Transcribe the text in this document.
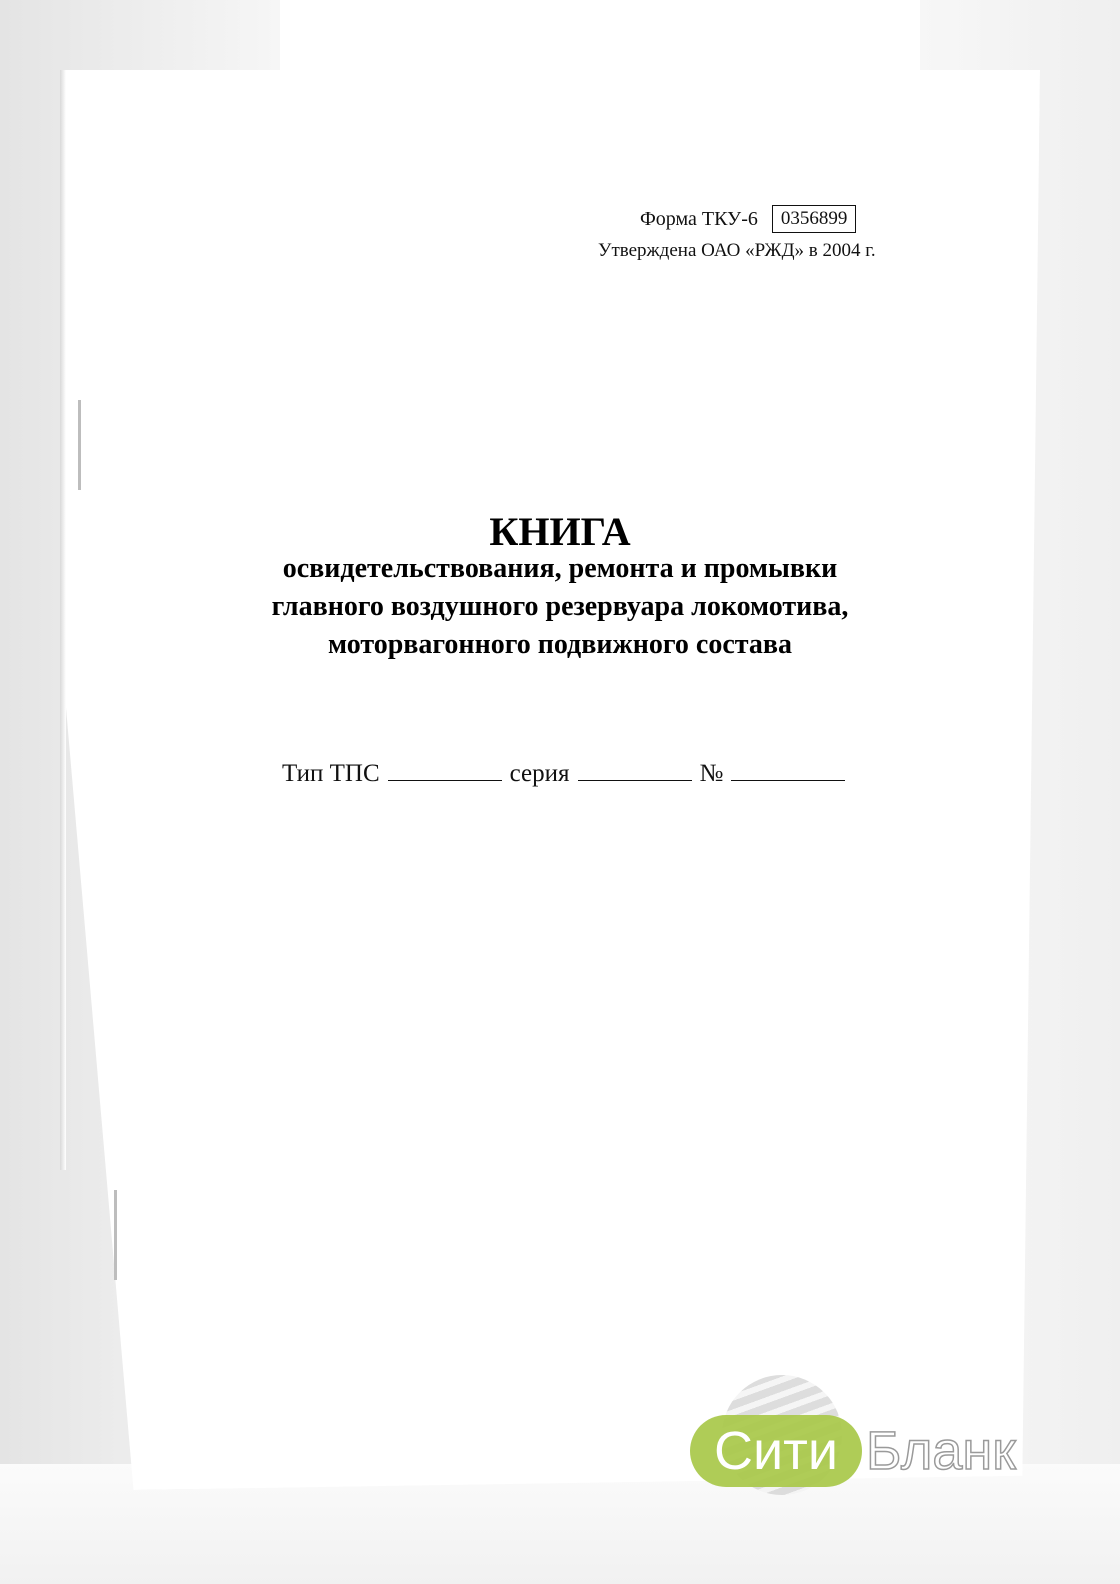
Форма ТКУ-6	0356899
Утверждена ОАО «РЖД» в 2004 г.
КНИГА
освидетельствования, ремонта и промывки
главного воздушного резервуара локомотива,
моторвагонного подвижного состава
Тип ТПС	серия	№
Сити Бланк
